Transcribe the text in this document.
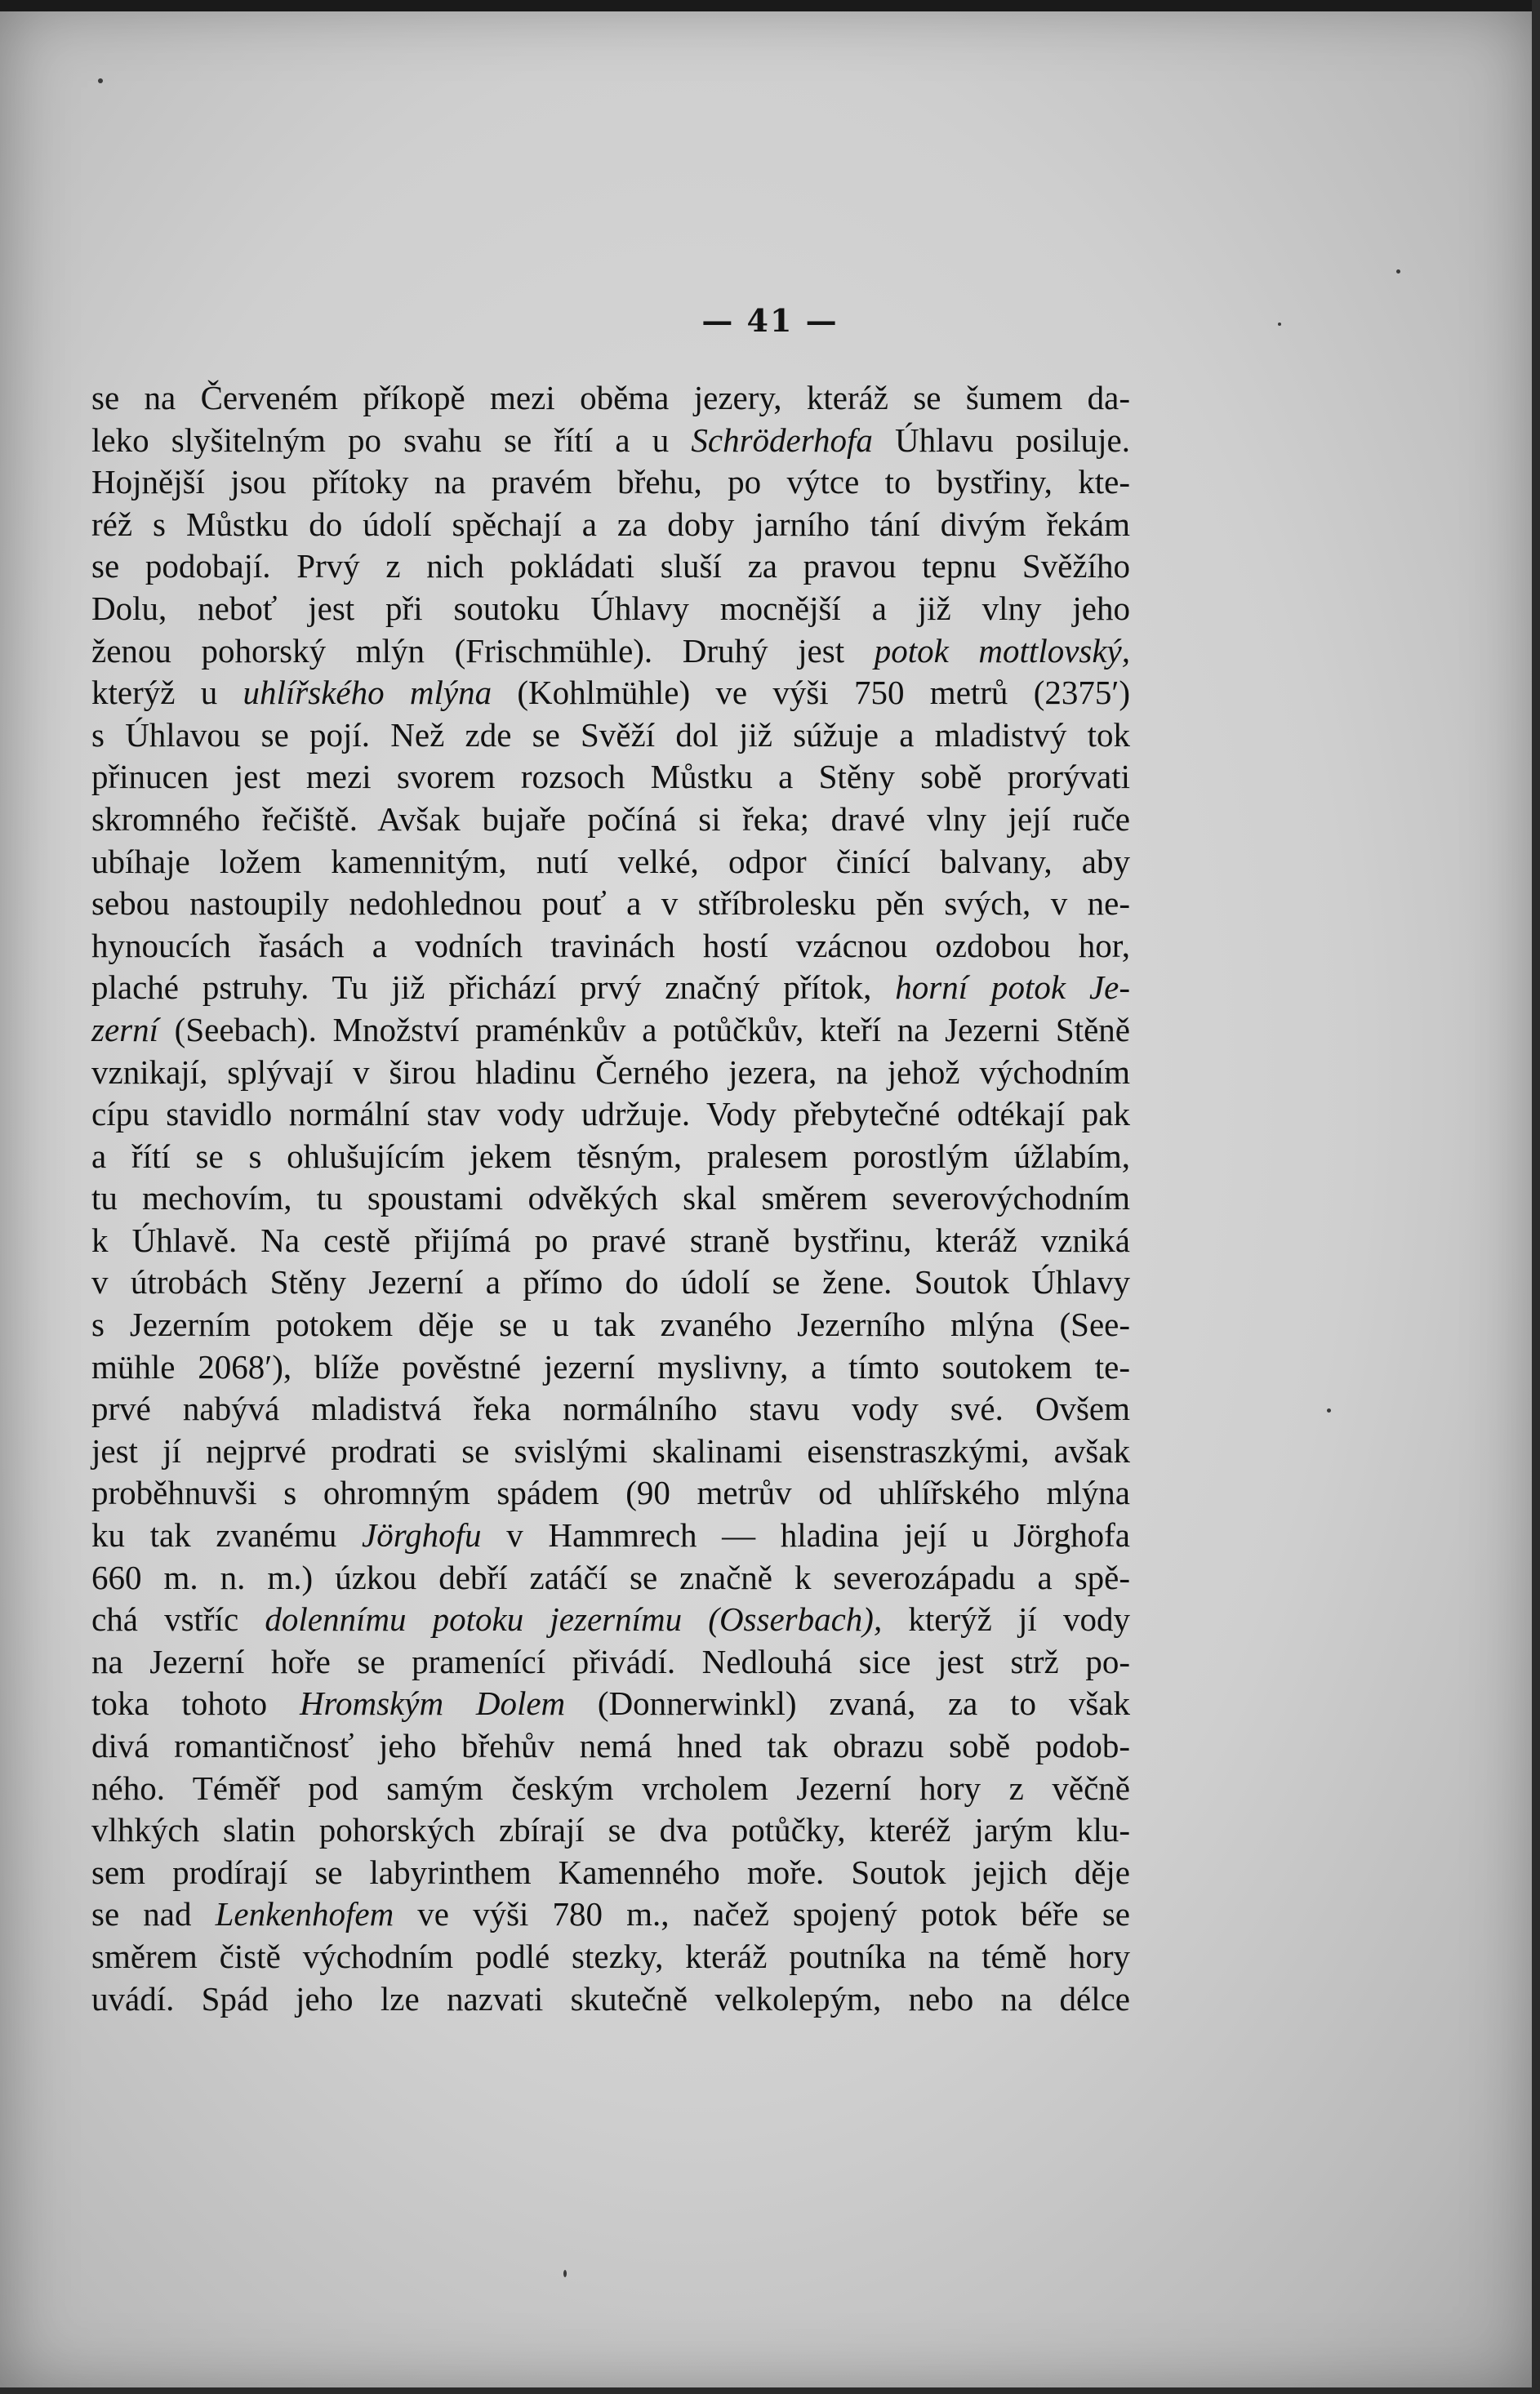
— 41 —
se na Červeném příkopě mezi oběma jezery, kteráž se šumem da-
leko slyšitelným po svahu se řítí a u Schröderhofa Úhlavu posiluje.
Hojnější jsou přítoky na pravém břehu, po výtce to bystřiny, kte-
réž s Můstku do údolí spěchají a za doby jarního tání divým řekám
se podobají. Prvý z nich pokládati sluší za pravou tepnu Svěžího
Dolu, neboť jest při soutoku Úhlavy mocnější a již vlny jeho
ženou pohorský mlýn (Frischmühle). Druhý jest potok mottlovský,
kterýž u uhlířského mlýna (Kohlmühle) ve výši 750 metrů (2375′)
s Úhlavou se pojí. Než zde se Svěží dol již súžuje a mladistvý tok
přinucen jest mezi svorem rozsoch Můstku a Stěny sobě prorývati
skromného řečiště. Avšak bujaře počíná si řeka; dravé vlny její ruče
ubíhaje ložem kamennitým, nutí velké, odpor činící balvany, aby
sebou nastoupily nedohlednou pouť a v stříbrolesku pěn svých, v ne-
hynoucích řasách a vodních travinách hostí vzácnou ozdobou hor,
plaché pstruhy. Tu již přichází prvý značný přítok, horní potok Je-
zerní (Seebach). Množství praménkův a potůčkův, kteří na Jezerni Stěně
vznikají, splývají v širou hladinu Černého jezera, na jehož východním
cípu stavidlo normální stav vody udržuje. Vody přebytečné odtékají pak
a řítí se s ohlušujícím jekem těsným, pralesem porostlým úžlabím,
tu mechovím, tu spoustami odvěkých skal směrem severovýchodním
k Úhlavě. Na cestě přijímá po pravé straně bystřinu, kteráž vzniká
v útrobách Stěny Jezerní a přímo do údolí se žene. Soutok Úhlavy
s Jezerním potokem děje se u tak zvaného Jezerního mlýna (See-
mühle 2068′), blíže pověstné jezerní myslivny, a tímto soutokem te-
prvé nabývá mladistvá řeka normálního stavu vody své. Ovšem
jest jí nejprvé prodrati se svislými skalinami eisenstraszkými, avšak
proběhnuvši s ohromným spádem (90 metrův od uhlířského mlýna
ku tak zvanému Jörghofu v Hammrech — hladina její u Jörghofa
660 m. n. m.) úzkou debří zatáčí se značně k severozápadu a spě-
chá vstříc dolennímu potoku jezernímu (Osserbach), kterýž jí vody
na Jezerní hoře se pramenící přivádí. Nedlouhá sice jest strž po-
toka tohoto Hromským Dolem (Donnerwinkl) zvaná, za to však
divá romantičnosť jeho břehův nemá hned tak obrazu sobě podob-
ného. Téměř pod samým českým vrcholem Jezerní hory z věčně
vlhkých slatin pohorských zbírají se dva potůčky, kteréž jarým klu-
sem prodírají se labyrinthem Kamenného moře. Soutok jejich děje
se nad Lenkenhofem ve výši 780 m., načež spojený potok béře se
směrem čistě východním podlé stezky, kteráž poutníka na témě hory
uvádí. Spád jeho lze nazvati skutečně velkolepým, nebo na délce
